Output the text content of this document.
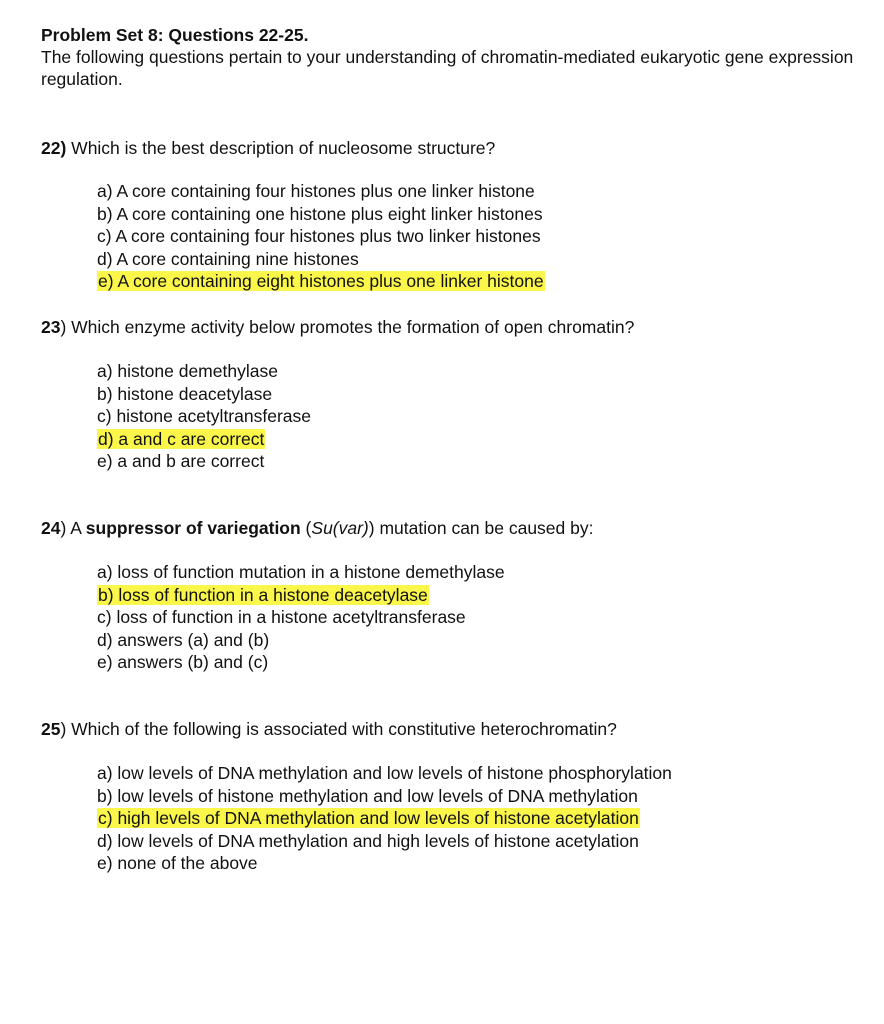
Problem Set 8: Questions 22-25.
The following questions pertain to your understanding of chromatin-mediated eukaryotic gene expression regulation.
22) Which is the best description of nucleosome structure?
a) A core containing four histones plus one linker histone
b) A core containing one histone plus eight linker histones
c) A core containing four histones plus two linker histones
d) A core containing nine histones
e) A core containing eight histones plus one linker histone
23) Which enzyme activity below promotes the formation of open chromatin?
a) histone demethylase
b) histone deacetylase
c) histone acetyltransferase
d) a and c are correct
e) a and b are correct
24) A suppressor of variegation (Su(var)) mutation can be caused by:
a) loss of function mutation in a histone demethylase
b) loss of function in a histone deacetylase
c) loss of function in a histone acetyltransferase
d) answers (a) and (b)
e) answers (b) and (c)
25) Which of the following is associated with constitutive heterochromatin?
a) low levels of DNA methylation and low levels of histone phosphorylation
b) low levels of histone methylation and low levels of DNA methylation
c) high levels of DNA methylation and low levels of histone acetylation
d) low levels of DNA methylation and high levels of histone acetylation
e) none of the above
